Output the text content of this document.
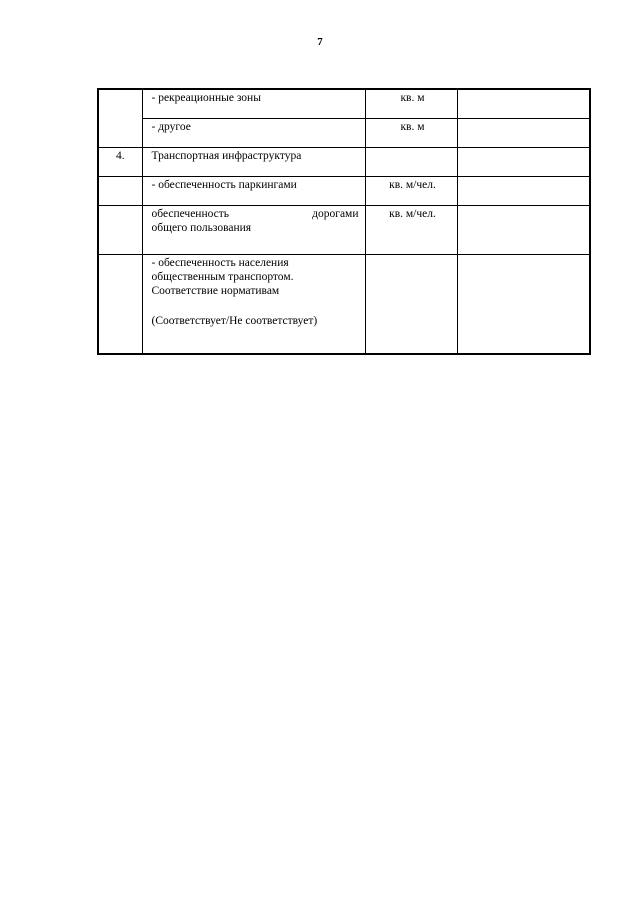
7

	- рекреационные зоны	кв. м	

	- другое	кв. м	
4.	Транспортная инфраструктура		

	- обеспеченность паркингами	кв. м/чел.	

	обеспеченность дорогами
общего пользования	кв. м/чел.	

	- обеспеченность населения
общественным транспортом.
Соответствие нормативам
(Соответствует/Не соответствует)		
